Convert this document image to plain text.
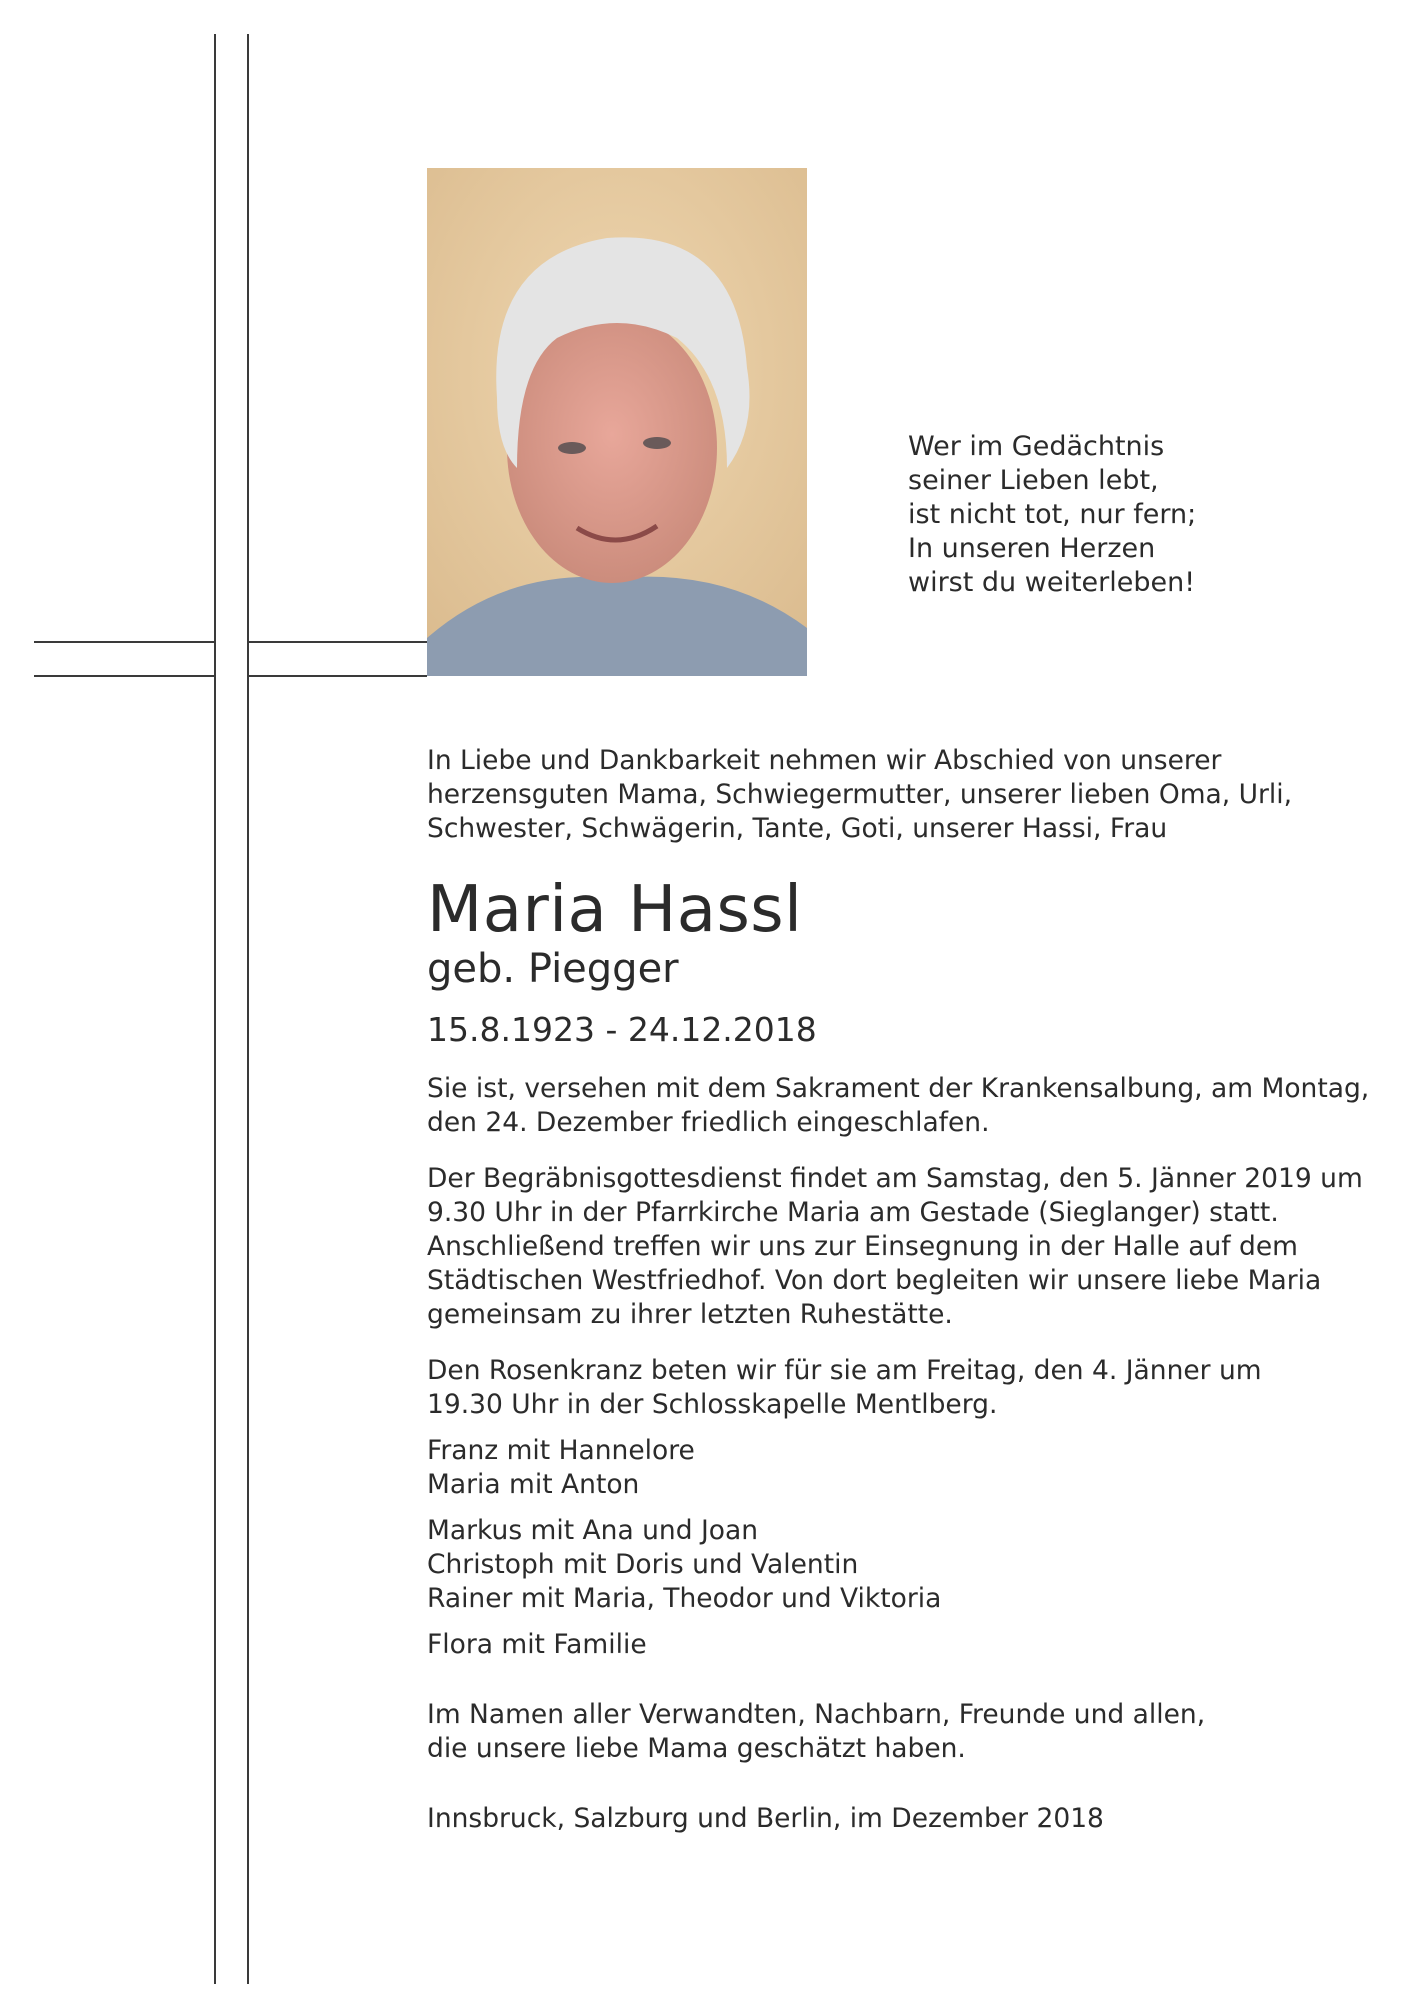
Wer im Gedächtnis
seiner Lieben lebt,
ist nicht tot, nur fern;
In unseren Herzen
wirst du weiterleben!
In Liebe und Dankbarkeit nehmen wir Abschied von unserer
herzensguten Mama, Schwiegermutter, unserer lieben Oma, Urli,
Schwester, Schwägerin, Tante, Goti, unserer Hassi, Frau
Maria Hassl
geb. Piegger
15.8.1923 - 24.12.2018
Sie ist, versehen mit dem Sakrament der Krankensalbung, am Montag,
den 24. Dezember friedlich eingeschlafen.
Der Begräbnisgottesdienst findet am Samstag, den 5. Jänner 2019 um
9.30 Uhr in der Pfarrkirche Maria am Gestade (Sieglanger) statt.
Anschließend treffen wir uns zur Einsegnung in der Halle auf dem
Städtischen Westfriedhof. Von dort begleiten wir unsere liebe Maria
gemeinsam zu ihrer letzten Ruhestätte.
Den Rosenkranz beten wir für sie am Freitag, den 4. Jänner um
19.30 Uhr in der Schlosskapelle Mentlberg.
Franz mit Hannelore
Maria mit Anton
Markus mit Ana und Joan
Christoph mit Doris und Valentin
Rainer mit Maria, Theodor und Viktoria
Flora mit Familie
Im Namen aller Verwandten, Nachbarn, Freunde und allen,
die unsere liebe Mama geschätzt haben.
Innsbruck, Salzburg und Berlin, im Dezember 2018
